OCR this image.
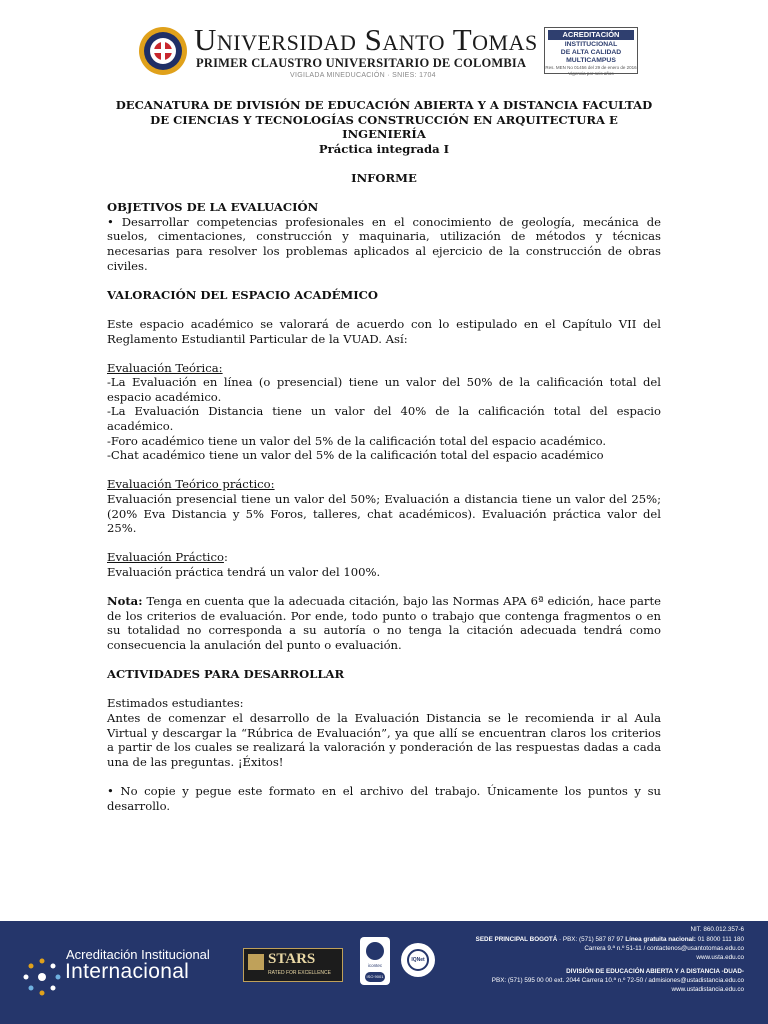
Universidad Santo Tomas
PRIMER CLAUSTRO UNIVERSITARIO DE COLOMBIA
VIGILADA MINEDUCACIÓN · SNIES: 1704
ACREDITACIÓN
INSTITUCIONAL
DE ALTA CALIDAD
MULTICAMPUS
Res. MEN No 01456 del 29 de enero de 2016
Vigencia por seis años

DECANATURA DE DIVISIÓN DE EDUCACIÓN ABIERTA Y A DISTANCIA FACULTAD

DE CIENCIAS Y TECNOLOGÍAS CONSTRUCCIÓN EN ARQUITECTURA E INGENIERÍA

Práctica integrada I

INFORME

OBJETIVOS DE LA EVALUACIÓN

• Desarrollar competencias profesionales en el conocimiento de geología, mecánica de suelos, cimentaciones, construcción y maquinaria, utilización de métodos y técnicas necesarias para resolver los problemas aplicados al ejercicio de la construcción de obras civiles.

VALORACIÓN DEL ESPACIO ACADÉMICO

Este espacio académico se valorará de acuerdo con lo estipulado en el Capítulo VII del Reglamento Estudiantil Particular de la VUAD. Así:

Evaluación Teórica:

-La Evaluación en línea (o presencial) tiene un valor del 50% de la calificación total del espacio académico.

-La Evaluación Distancia tiene un valor del 40% de la calificación total del espacio académico.

-Foro académico tiene un valor del 5% de la calificación total del espacio académico.

-Chat académico tiene un valor del 5% de la calificación total del espacio académico

Evaluación Teórico práctico:

Evaluación presencial tiene un valor del 50%; Evaluación a distancia tiene un valor del 25%; (20% Eva Distancia y 5% Foros, talleres, chat académicos). Evaluación práctica valor del 25%.

Evaluación Práctico:

Evaluación práctica tendrá un valor del 100%.

Nota: Tenga en cuenta que la adecuada citación, bajo las Normas APA 6ª edición, hace parte de los criterios de evaluación. Por ende, todo punto o trabajo que contenga fragmentos o en su totalidad no corresponda a su autoría o no tenga la citación adecuada tendrá como consecuencia la anulación del punto o evaluación.

ACTIVIDADES PARA DESARROLLAR

Estimados estudiantes:

Antes de comenzar el desarrollo de la Evaluación Distancia se le recomienda ir al Aula Virtual y descargar la “Rúbrica de Evaluación”, ya que allí se encuentran claros los criterios a partir de los cuales se realizará la valoración y ponderación de las respuestas dadas a cada una de las preguntas. ¡Éxitos!

• No copie y pegue este formato en el archivo del trabajo. Únicamente los puntos y su desarrollo.

Acreditación Institucional
Internacional
STARS
RATED FOR EXCELLENCE
icontec
ISO 9001
IQNet
NIT. 860.012.357-6
SEDE PRINCIPAL BOGOTÁ · PBX: (571) 587 87 97 Línea gratuita nacional: 01 8000 111 180
Carrera 9.ª n.º 51-11 / contactenos@usantotomas.edu.co
www.usta.edu.co
DIVISIÓN DE EDUCACIÓN ABIERTA Y A DISTANCIA -DUAD-
PBX: (571) 595 00 00 ext. 2044 Carrera 10.ª n.º 72-50 / admisiones@ustadistancia.edu.co
www.ustadistancia.edu.co
